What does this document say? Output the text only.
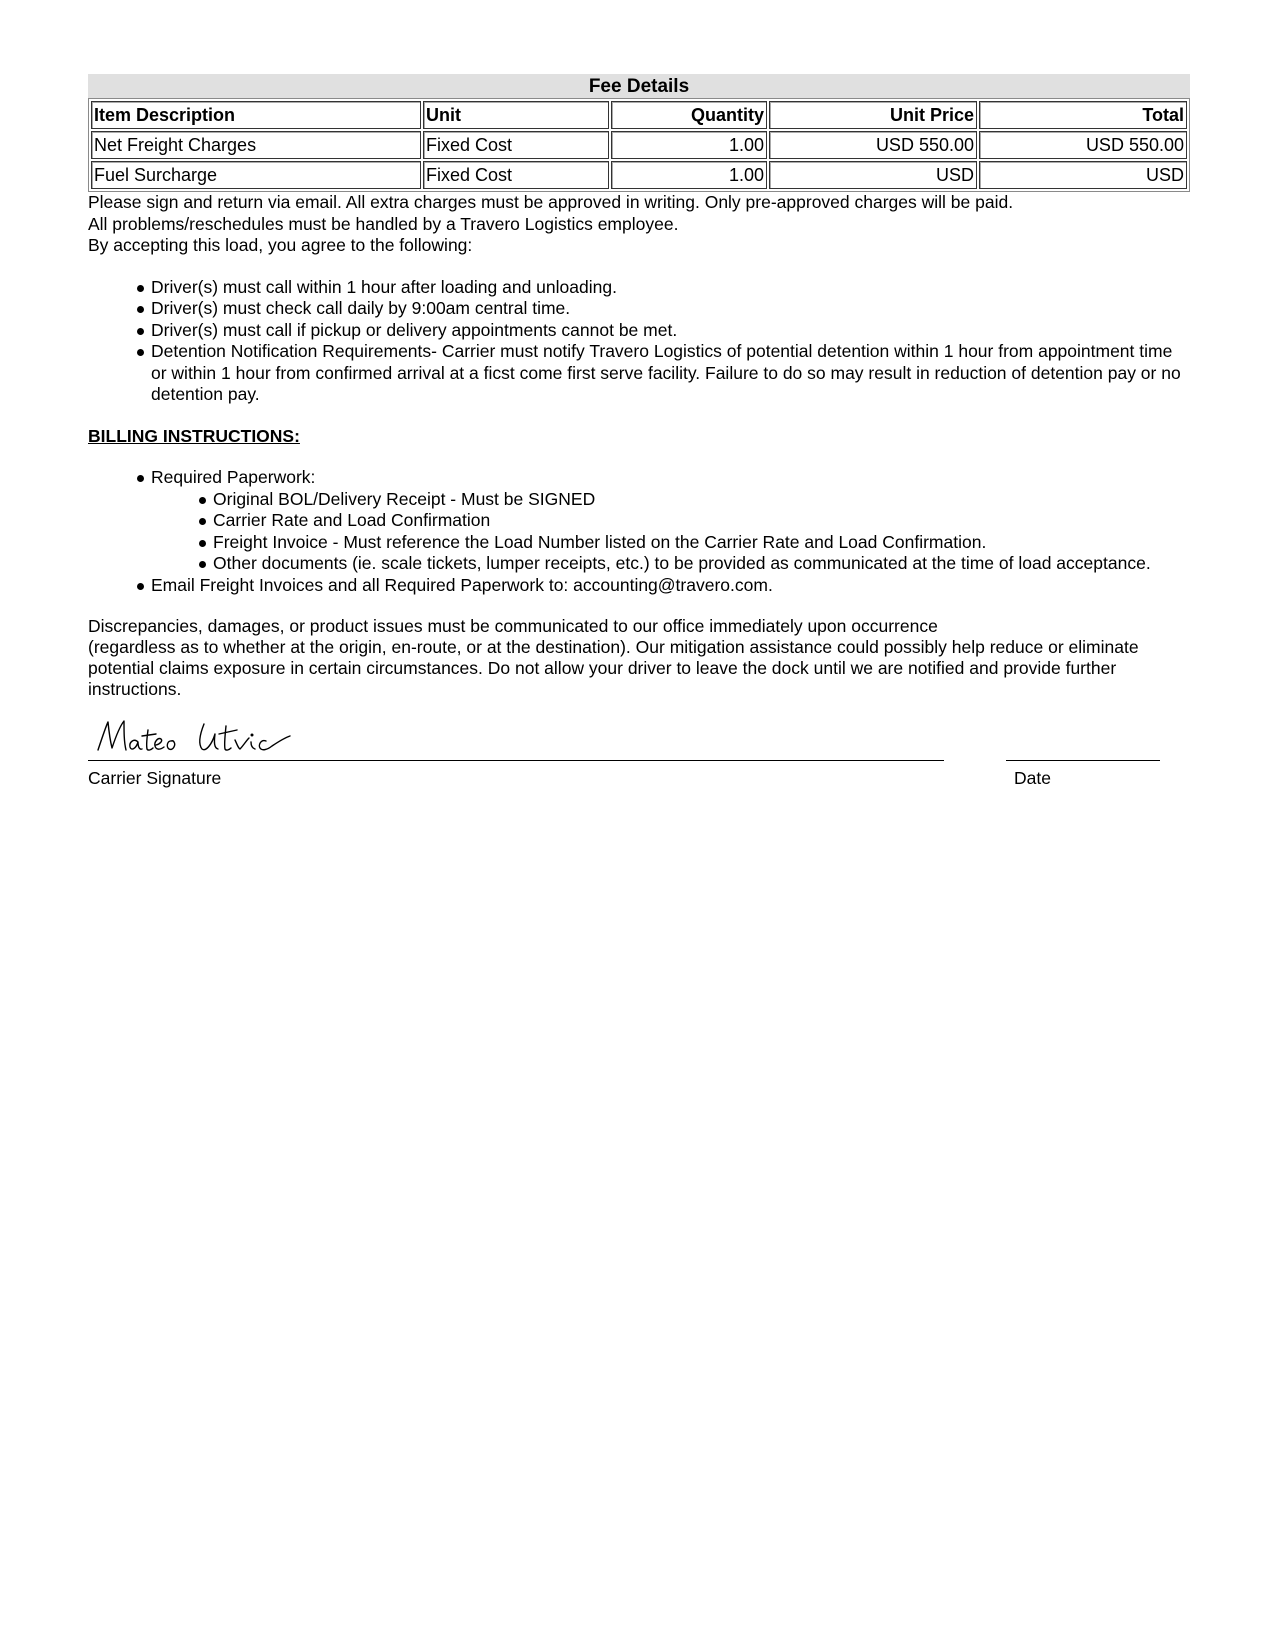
Fee Details
Item Description	Unit	Quantity	Unit Price	Total
Net Freight Charges	Fixed Cost	1.00	USD 550.00	USD 550.00
Fuel Surcharge	Fixed Cost	1.00	USD	USD

Please sign and return via email. All extra charges must be approved in writing. Only pre-approved charges will be paid.

All problems/reschedules must be handled by a Travero Logistics employee.

By accepting this load, you agree to the following:

Driver(s) must call within 1 hour after loading and unloading.
Driver(s) must check call daily by 9:00am central time.
Driver(s) must call if pickup or delivery appointments cannot be met.
Detention Notification Requirements- Carrier must notify Travero Logistics of potential detention within 1 hour from appointment time or within 1 hour from confirmed arrival at a ficst come first serve facility. Failure to do so may result in reduction of detention pay or no detention pay.
BILLING INSTRUCTIONS:
Required Paperwork:
Original BOL/Delivery Receipt - Must be SIGNED
Carrier Rate and Load Confirmation
Freight Invoice - Must reference the Load Number listed on the Carrier Rate and Load Confirmation.
Other documents (ie. scale tickets, lumper receipts, etc.) to be provided as communicated at the time of load acceptance.
Email Freight Invoices and all Required Paperwork to: accounting@travero.com.
Discrepancies, damages, or product issues must be communicated to our office immediately upon occurrence
(regardless as to whether at the origin, en-route, or at the destination). Our mitigation assistance could possibly help reduce or eliminate potential claims exposure in certain circumstances. Do not allow your driver to leave the dock until we are notified and provide further instructions.
Carrier Signature	Date
